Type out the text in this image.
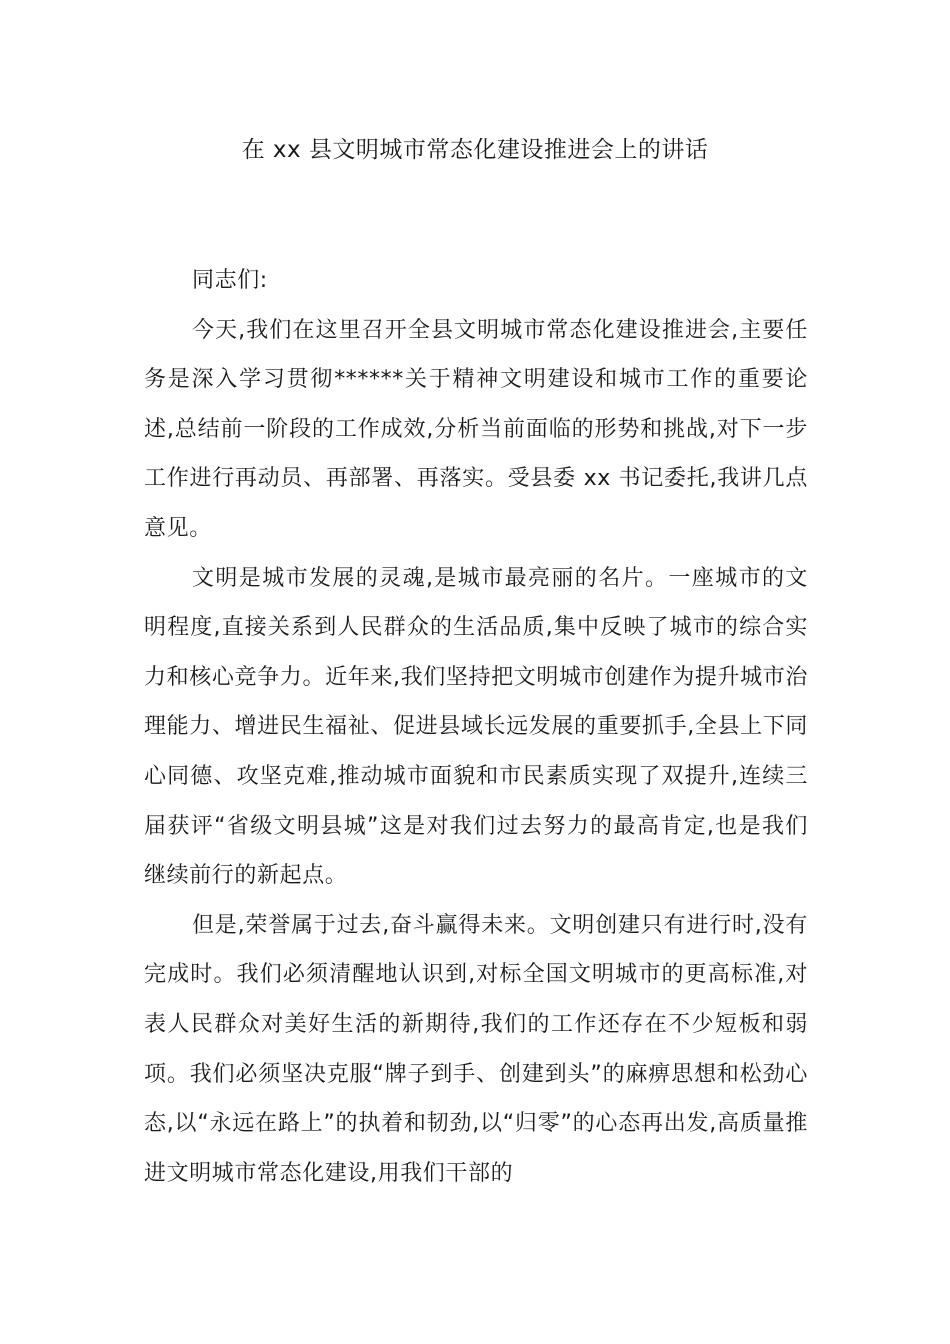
在 xx 县文明城市常态化建设推进会上的讲话

同志们:

今天,我们在这里召开全县文明城市常态化建设推进会,主要任务是深入学习贯彻******关于精神文明建设和城市工作的重要论述,总结前一阶段的工作成效,分析当前面临的形势和挑战,对下一步工作进行再动员、再部署、再落实。受县委 xx 书记委托,我讲几点意见。

文明是城市发展的灵魂,是城市最亮丽的名片。一座城市的文明程度,直接关系到人民群众的生活品质,集中反映了城市的综合实力和核心竞争力。近年来,我们坚持把文明城市创建作为提升城市治理能力、增进民生福祉、促进县域长远发展的重要抓手,全县上下同心同德、攻坚克难,推动城市面貌和市民素质实现了双提升,连续三届获评“省级文明县城”这是对我们过去努力的最高肯定,也是我们继续前行的新起点。

但是,荣誉属于过去,奋斗赢得未来。文明创建只有进行时,没有完成时。我们必须清醒地认识到,对标全国文明城市的更高标准,对表人民群众对美好生活的新期待,我们的工作还存在不少短板和弱项。我们必须坚决克服“牌子到手、创建到头”的麻痹思想和松劲心态,以“永远在路上”的执着和韧劲,以“归零”的心态再出发,高质量推进文明城市常态化建设,用我们干部的
